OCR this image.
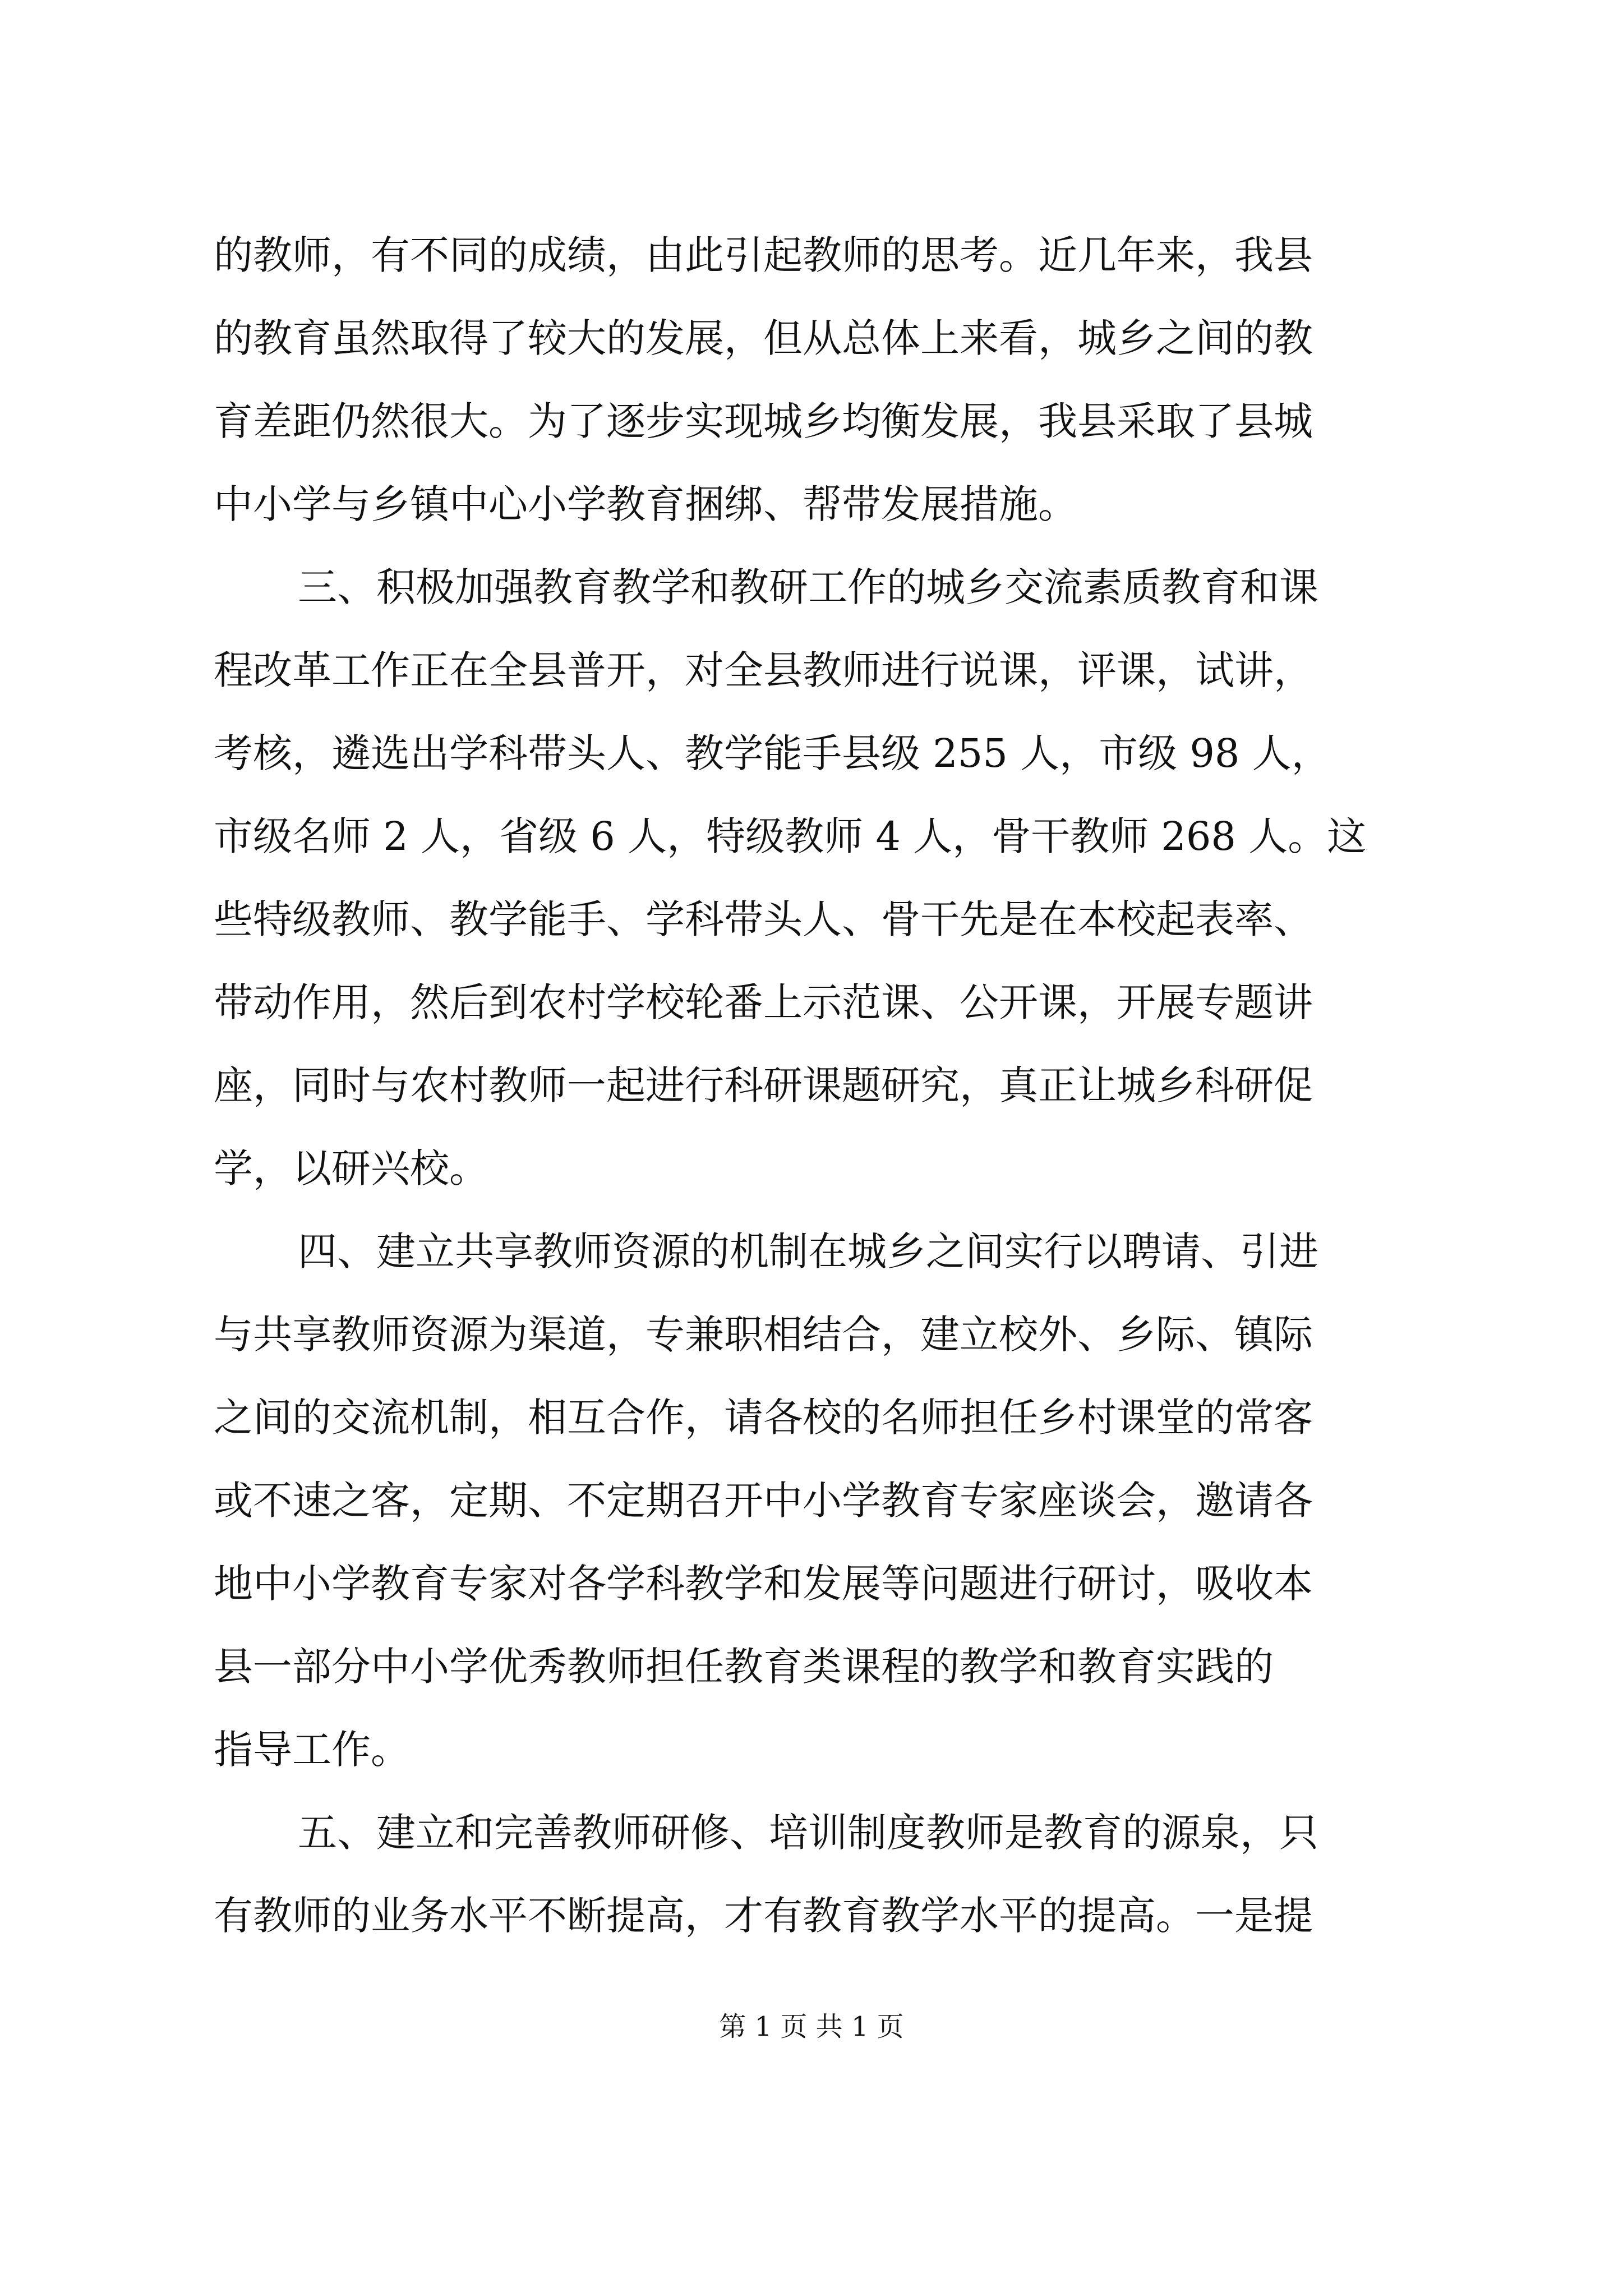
的教师，有不同的成绩，由此引起教师的思考。近几年来，我县
的教育虽然取得了较大的发展，但从总体上来看，城乡之间的教
育差距仍然很大。为了逐步实现城乡均衡发展，我县采取了县城
中小学与乡镇中心小学教育捆绑、帮带发展措施。
三、积极加强教育教学和教研工作的城乡交流素质教育和课
程改革工作正在全县普开，对全县教师进行说课，评课，试讲，
考核，遴选出学科带头人、教学能手县级 255 人，市级 98 人，
市级名师 2 人，省级 6 人，特级教师 4 人，骨干教师 268 人。这
些特级教师、教学能手、学科带头人、骨干先是在本校起表率、
带动作用，然后到农村学校轮番上示范课、公开课，开展专题讲
座，同时与农村教师一起进行科研课题研究，真正让城乡科研促
学，以研兴校。
四、建立共享教师资源的机制在城乡之间实行以聘请、引进
与共享教师资源为渠道，专兼职相结合，建立校外、乡际、镇际
之间的交流机制，相互合作，请各校的名师担任乡村课堂的常客
或不速之客，定期、不定期召开中小学教育专家座谈会，邀请各
地中小学教育专家对各学科教学和发展等问题进行研讨，吸收本
县一部分中小学优秀教师担任教育类课程的教学和教育实践的
指导工作。
五、建立和完善教师研修、培训制度教师是教育的源泉，只
有教师的业务水平不断提高，才有教育教学水平的提高。一是提
第 1 页 共 1 页
